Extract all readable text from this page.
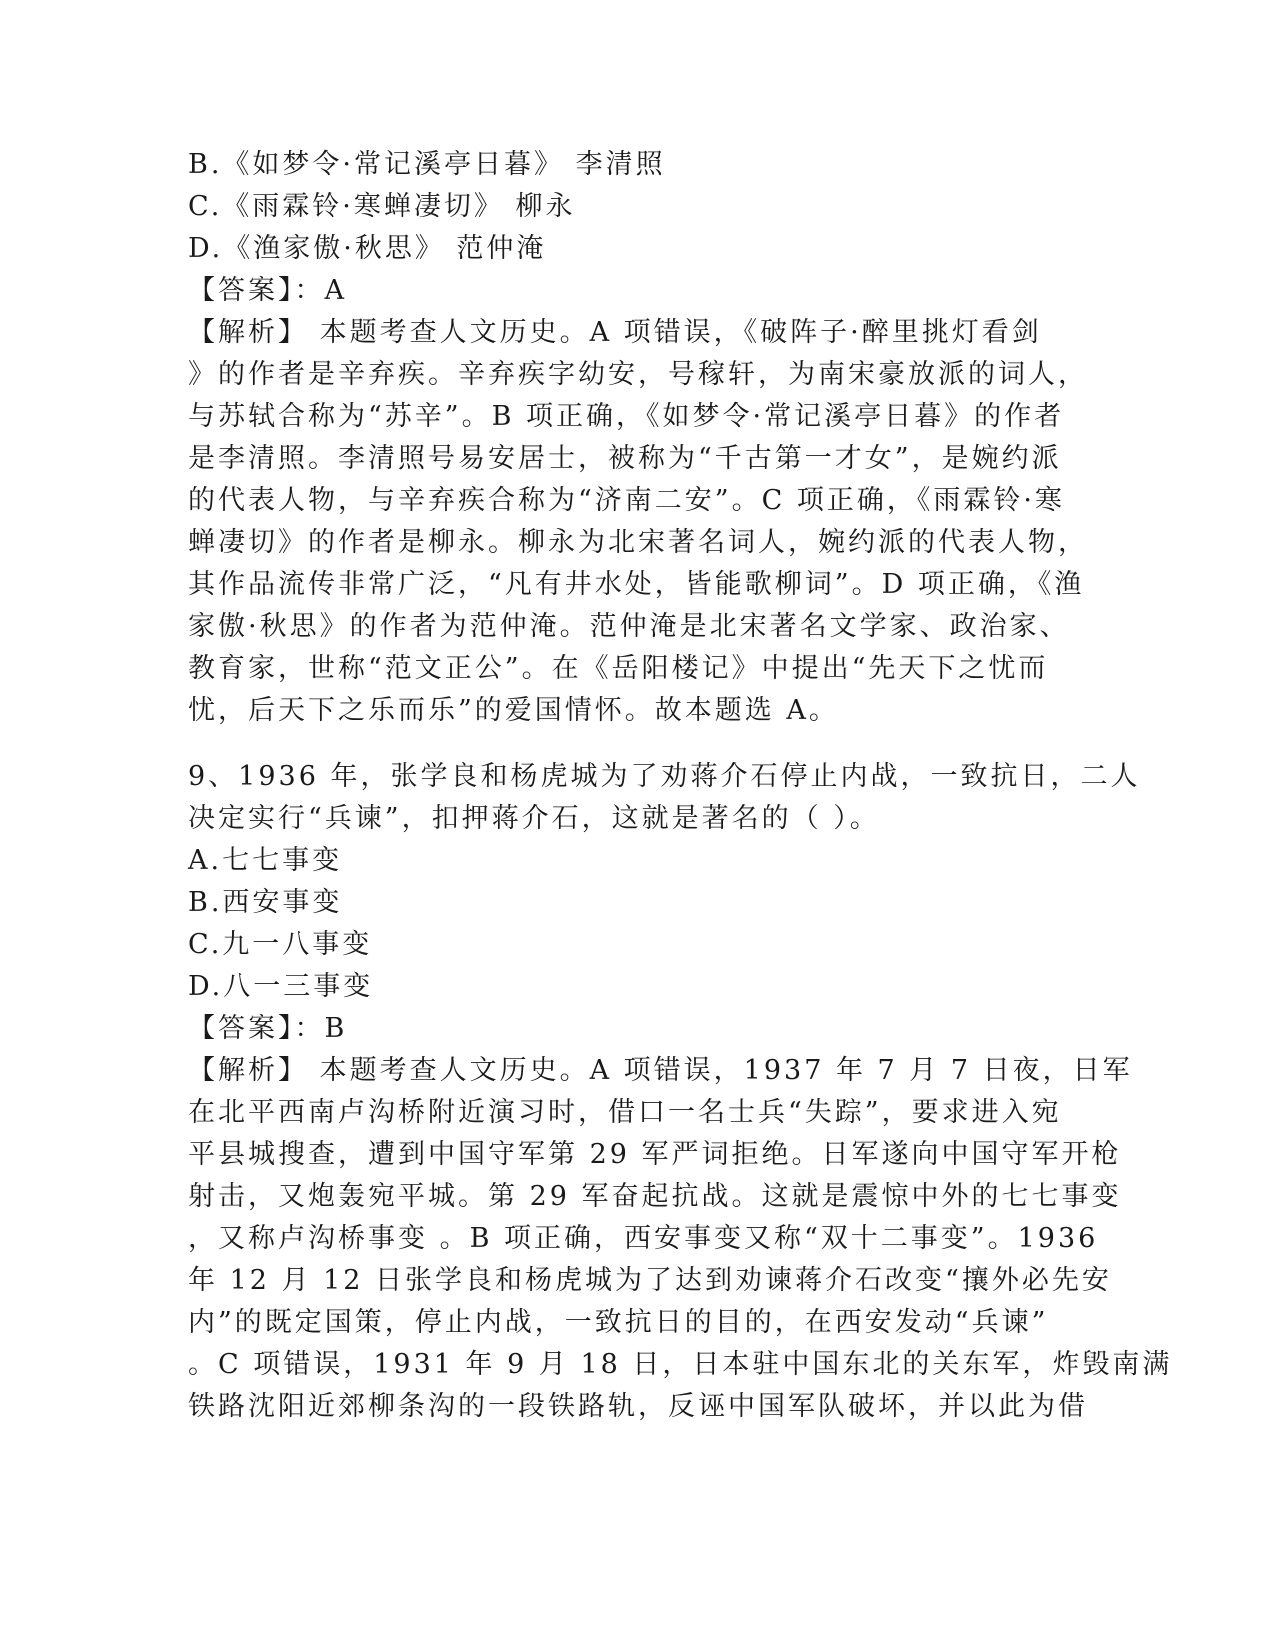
B.《如梦令·常记溪亭日暮》 李清照
C.《雨霖铃·寒蝉凄切》 柳永
D.《渔家傲·秋思》 范仲淹
【答案】：A
【解析】 本题考查人文历史。A 项错误，《破阵子·醉里挑灯看剑
》的作者是辛弃疾。辛弃疾字幼安，号稼轩，为南宋豪放派的词人，
与苏轼合称为“苏辛”。B 项正确，《如梦令·常记溪亭日暮》的作者
是李清照。李清照号易安居士，被称为“千古第一才女”，是婉约派
的代表人物，与辛弃疾合称为“济南二安”。C 项正确，《雨霖铃·寒
蝉凄切》的作者是柳永。柳永为北宋著名词人，婉约派的代表人物，
其作品流传非常广泛，“凡有井水处，皆能歌柳词”。D 项正确，《渔
家傲·秋思》的作者为范仲淹。范仲淹是北宋著名文学家、政治家、
教育家，世称“范文正公”。在《岳阳楼记》中提出“先天下之忧而
忧，后天下之乐而乐”的爱国情怀。故本题选 A。
9、1936 年，张学良和杨虎城为了劝蒋介石停止内战，一致抗日，二人
决定实行“兵谏”，扣押蒋介石，这就是著名的（ ）。
A.七七事变
B.西安事变
C.九一八事变
D.八一三事变
【答案】：B
【解析】 本题考查人文历史。A 项错误，1937 年 7 月 7 日夜，日军
在北平西南卢沟桥附近演习时，借口一名士兵“失踪”，要求进入宛
平县城搜查，遭到中国守军第 29 军严词拒绝。日军遂向中国守军开枪
射击，又炮轰宛平城。第 29 军奋起抗战。这就是震惊中外的七七事变
，又称卢沟桥事变 。B 项正确，西安事变又称“双十二事变”。1936
年 12 月 12 日张学良和杨虎城为了达到劝谏蒋介石改变“攘外必先安
内”的既定国策，停止内战，一致抗日的目的，在西安发动“兵谏”
。C 项错误，1931 年 9 月 18 日，日本驻中国东北的关东军，炸毁南满
铁路沈阳近郊柳条沟的一段铁路轨，反诬中国军队破坏，并以此为借
